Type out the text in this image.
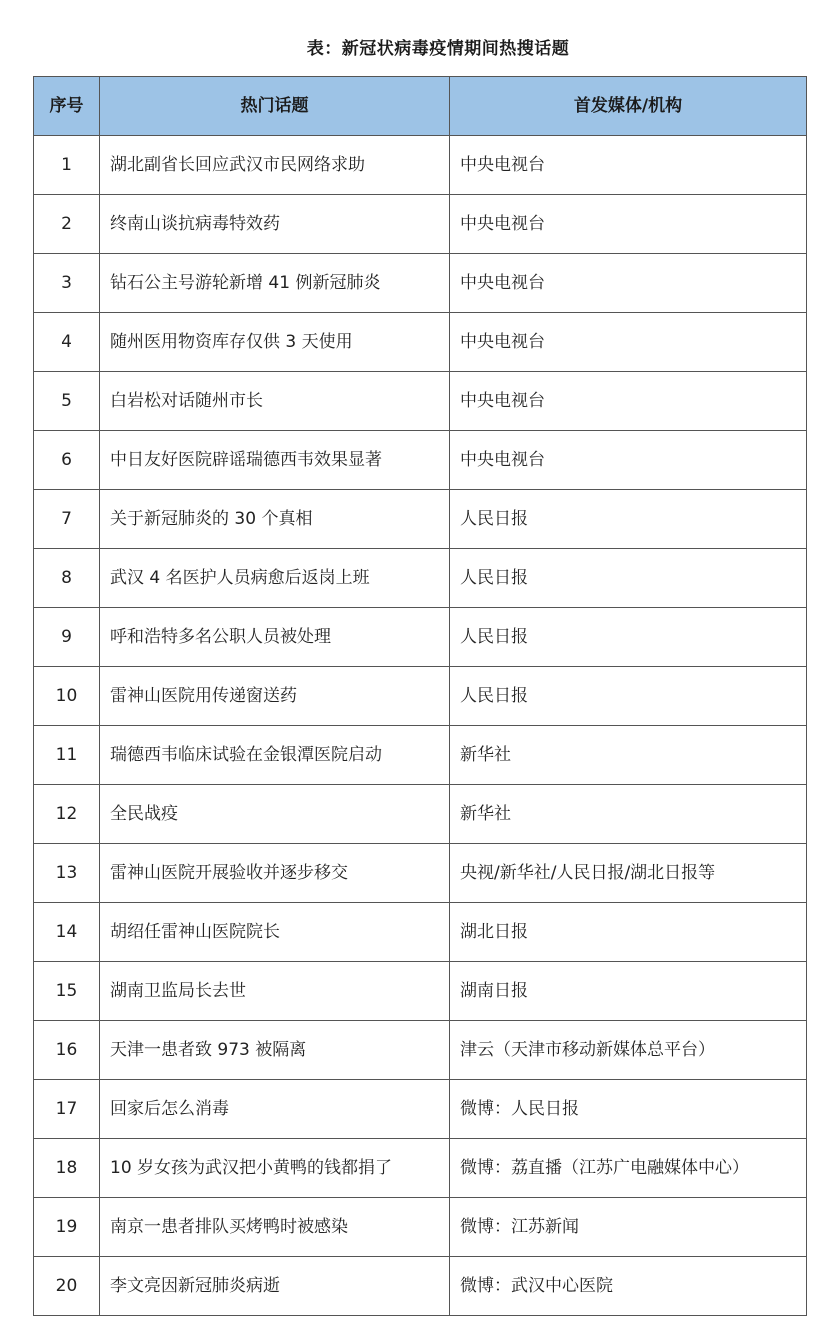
表：新冠状病毒疫情期间热搜话题
序号	热门话题	首发媒体/机构
1	湖北副省长回应武汉市民网络求助	中央电视台
2	终南山谈抗病毒特效药	中央电视台
3	钻石公主号游轮新增 41 例新冠肺炎	中央电视台
4	随州医用物资库存仅供 3 天使用	中央电视台
5	白岩松对话随州市长	中央电视台
6	中日友好医院辟谣瑞德西韦效果显著	中央电视台
7	关于新冠肺炎的 30 个真相	人民日报
8	武汉 4 名医护人员病愈后返岗上班	人民日报
9	呼和浩特多名公职人员被处理	人民日报
10	雷神山医院用传递窗送药	人民日报
11	瑞德西韦临床试验在金银潭医院启动	新华社
12	全民战疫	新华社
13	雷神山医院开展验收并逐步移交	央视/新华社/人民日报/湖北日报等
14	胡绍任雷神山医院院长	湖北日报
15	湖南卫监局长去世	湖南日报
16	天津一患者致 973 被隔离	津云（天津市移动新媒体总平台）
17	回家后怎么消毒	微博：人民日报
18	10 岁女孩为武汉把小黄鸭的钱都捐了	微博：荔直播（江苏广电融媒体中心）
19	南京一患者排队买烤鸭时被感染	微博：江苏新闻
20	李文亮因新冠肺炎病逝	微博：武汉中心医院
